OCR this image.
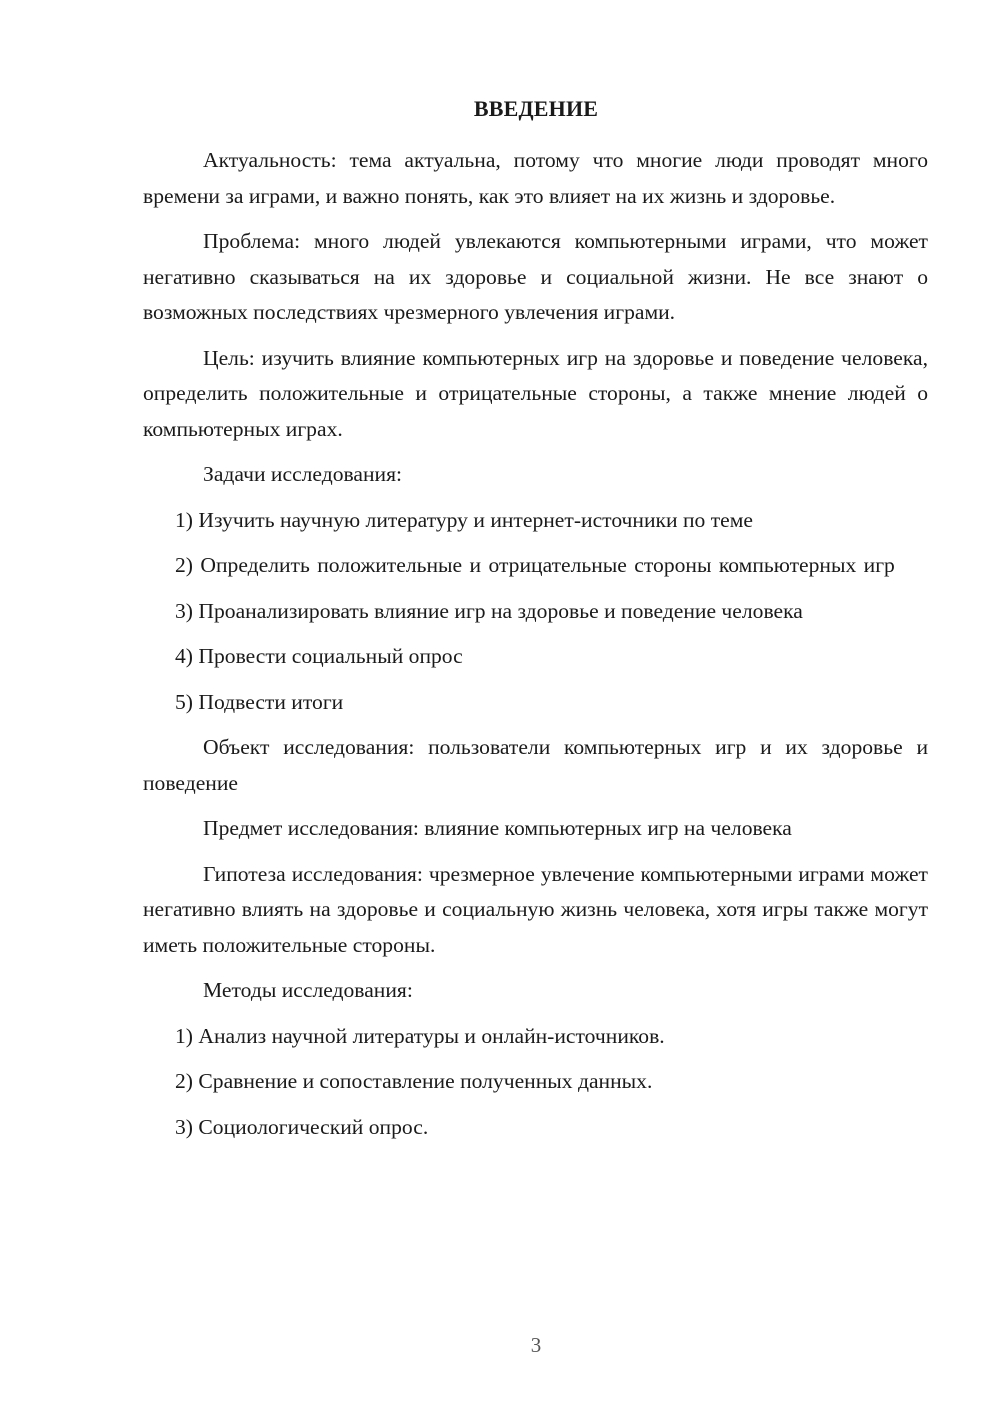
ВВЕДЕНИЕ

Актуальность: тема актуальна, потому что многие люди проводят много времени за играми, и важно понять, как это влияет на их жизнь и здоровье.

Проблема: много людей увлекаются компьютерными играми, что может негативно сказываться на их здоровье и социальной жизни. Не все знают о возможных последствиях чрезмерного увлечения играми.

Цель: изучить влияние компьютерных игр на здоровье и поведение человека, определить положительные и отрицательные стороны, а также мнение людей о компьютерных играх.

Задачи исследования:

1) Изучить научную литературу и интернет-источники по теме

2) Определить положительные и отрицательные стороны компьютерных игр

3) Проанализировать влияние игр на здоровье и поведение человека

4) Провести социальный опрос

5) Подвести итоги

Объект исследования: пользователи компьютерных игр и их здоровье и поведение

Предмет исследования: влияние компьютерных игр на человека

Гипотеза исследования: чрезмерное увлечение компьютерными играми может негативно влиять на здоровье и социальную жизнь человека, хотя игры также могут иметь положительные стороны.

Методы исследования:

1) Анализ научной литературы и онлайн-источников.

2) Сравнение и сопоставление полученных данных.

3) Социологический опрос.

3
